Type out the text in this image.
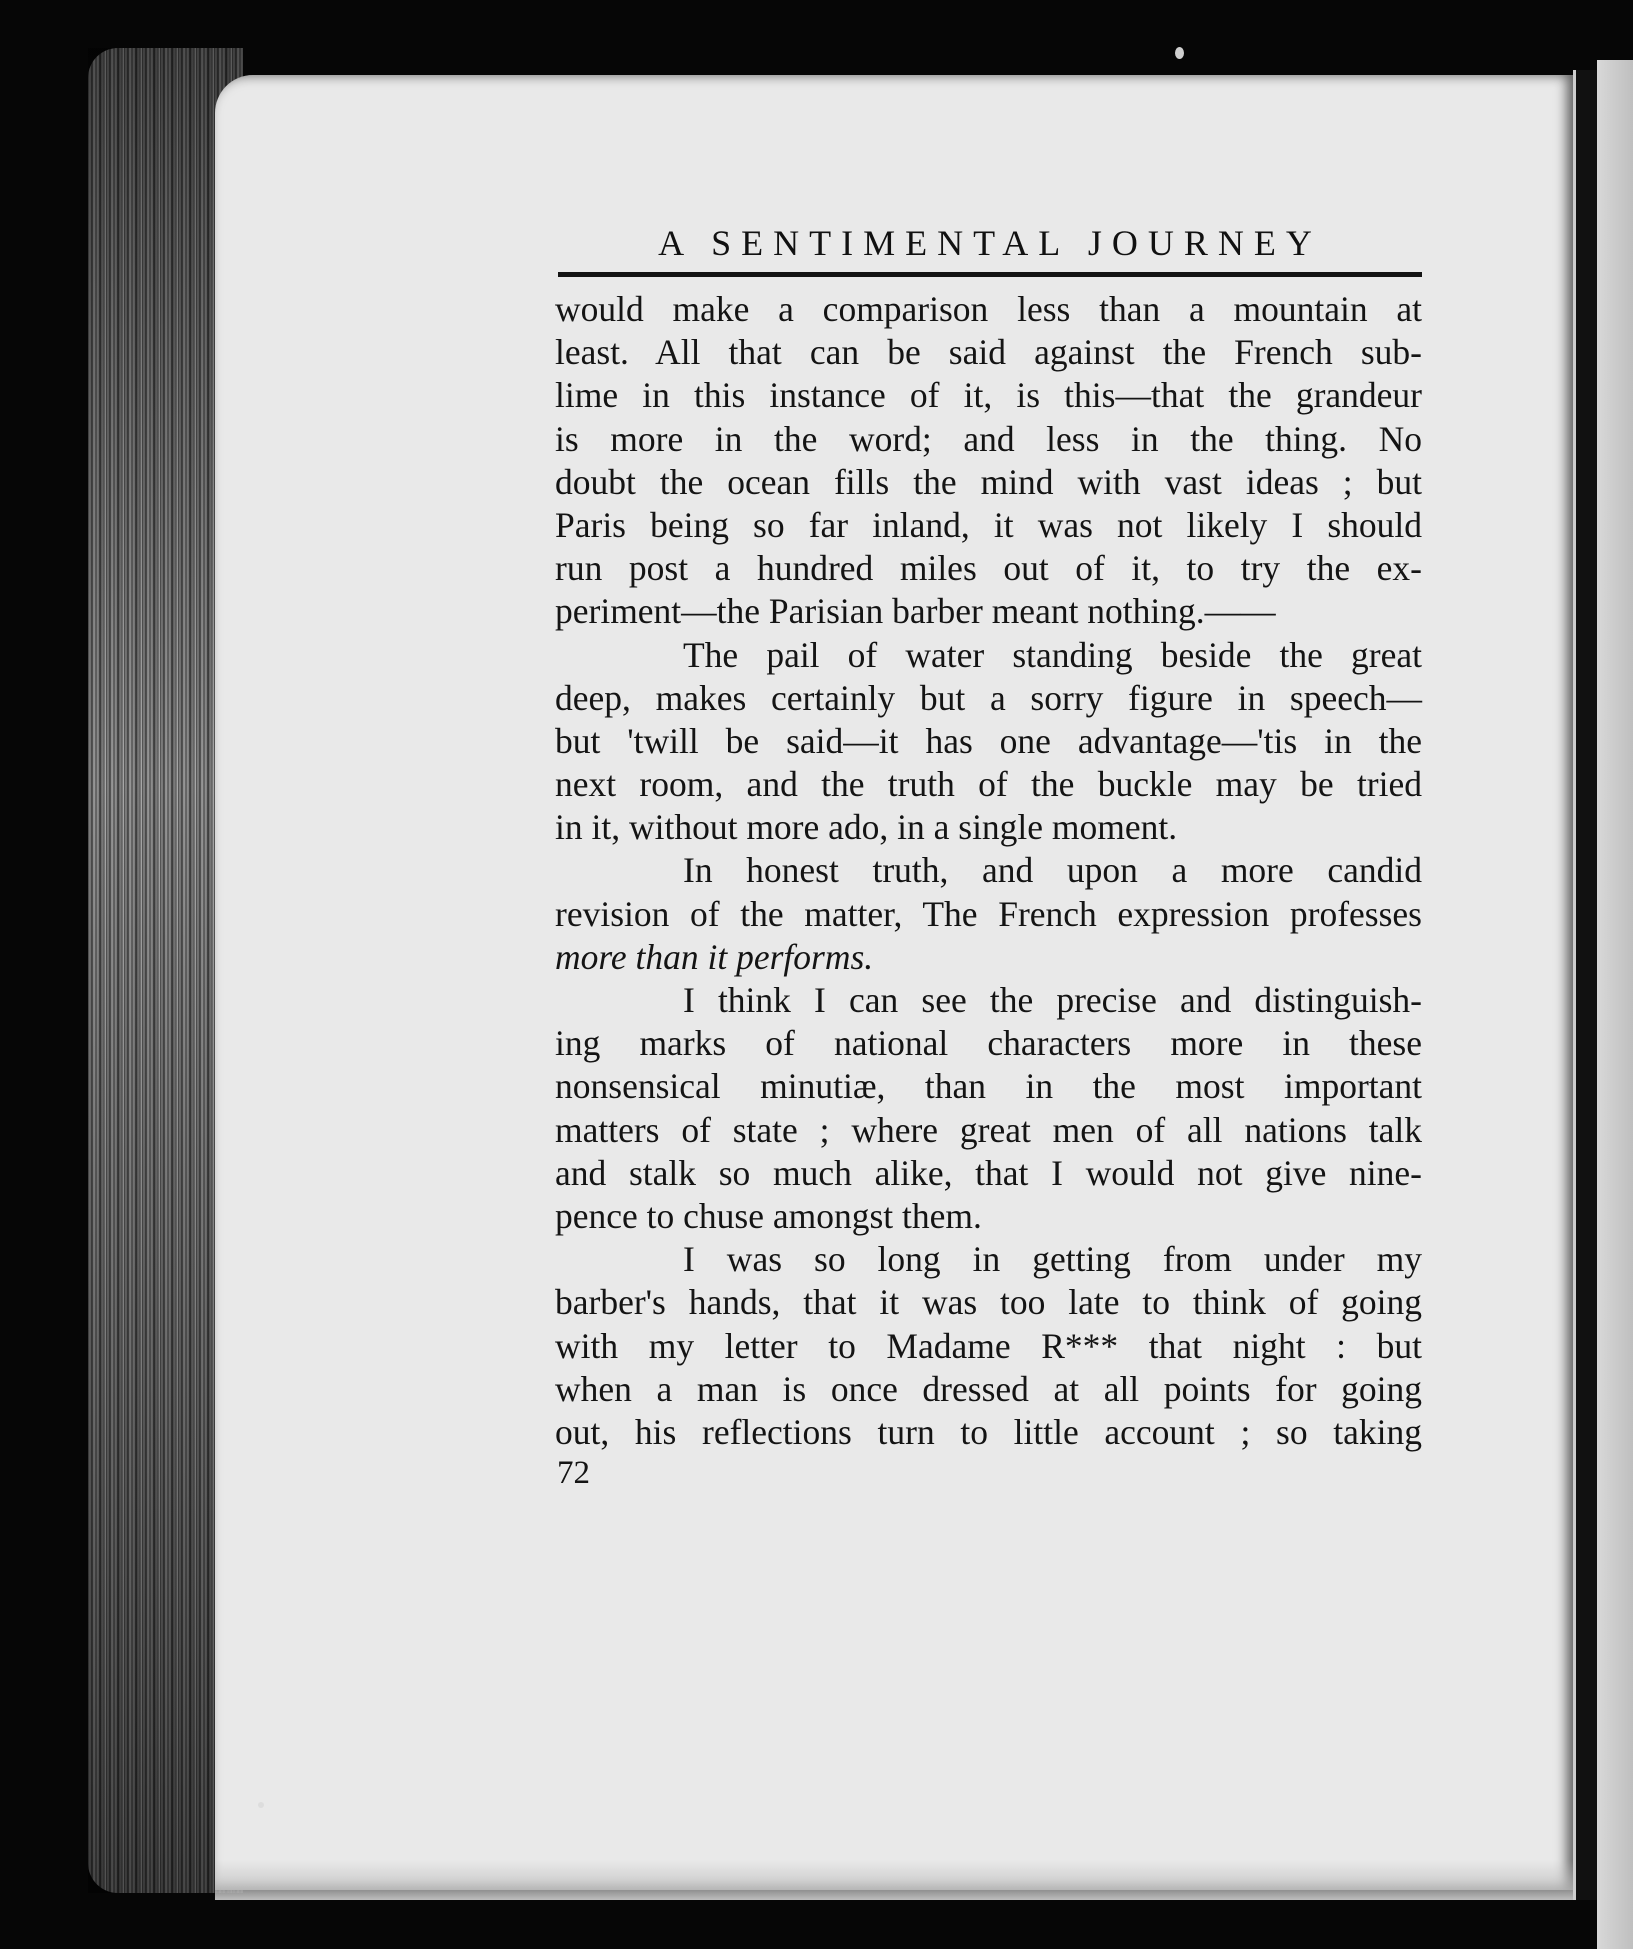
A SENTIMENTAL JOURNEY
would make a comparison less than a mountain at
least. All that can be said against the French sub-
lime in this instance of it, is this—that the grandeur
is more in the word; and less in the thing. No
doubt the ocean fills the mind with vast ideas ; but
Paris being so far inland, it was not likely I should
run post a hundred miles out of it, to try the ex-
periment—the Parisian barber meant nothing.——
The pail of water standing beside the great
deep, makes certainly but a sorry figure in speech—
but 'twill be said—it has one advantage—'tis in the
next room, and the truth of the buckle may be tried
in it, without more ado, in a single moment.
In honest truth, and upon a more candid
revision of the matter, The French expression professes
more than it performs.
I think I can see the precise and distinguish-
ing marks of national characters more in these
nonsensical minutiæ, than in the most important
matters of state ; where great men of all nations talk
and stalk so much alike, that I would not give nine-
pence to chuse amongst them.
I was so long in getting from under my
barber's hands, that it was too late to think of going
with my letter to Madame R*** that night : but
when a man is once dressed at all points for going
out, his reflections turn to little account ; so taking
72
